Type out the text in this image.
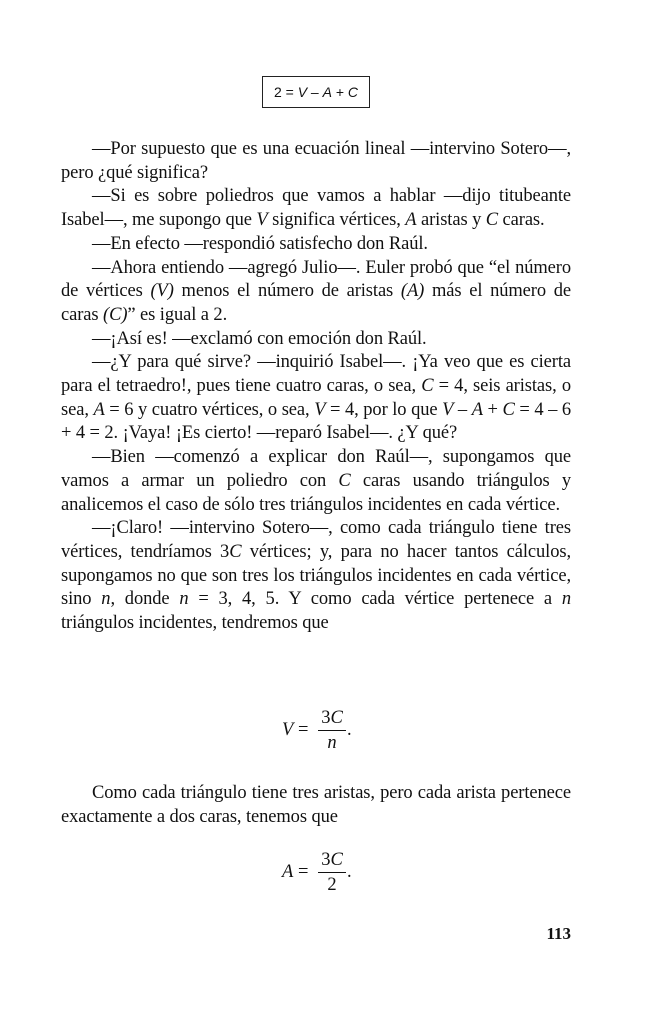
2 = V – A + C

—Por supuesto que es una ecuación lineal —intervino Sotero—, pero ¿qué significa?

—Si es sobre poliedros que vamos a hablar —dijo titubeante Isabel—, me supongo que V significa vértices, A aristas y C caras.

—En efecto —respondió satisfecho don Raúl.

—Ahora entiendo —agregó Julio—. Euler probó que “el número de vértices (V) menos el número de aristas (A) más el número de caras (C)” es igual a 2.

—¡Así es! —exclamó con emoción don Raúl.

—¿Y para qué sirve? —inquirió Isabel—. ¡Ya veo que es cierta para el tetraedro!, pues tiene cuatro caras, o sea, C = 4, seis aristas, o sea, A = 6 y cuatro vértices, o sea, V = 4, por lo que V – A + C = 4 – 6 + 4 = 2. ¡Vaya! ¡Es cierto! —reparó Isabel—. ¿Y qué?

—Bien —comenzó a explicar don Raúl—, supongamos que vamos a armar un poliedro con C caras usando triángulos y analicemos el caso de sólo tres triángulos incidentes en cada vértice.

—¡Claro! —intervino Sotero—, como cada triángulo tiene tres vértices, tendríamos 3C vértices; y, para no hacer tantos cálculos, supongamos no que son tres los triángulos incidentes en cada vértice, sino n, donde n = 3, 4, 5. Y como cada vértice pertenece a n triángulos incidentes, tendremos que

V =
3C
n
.

Como cada triángulo tiene tres aristas, pero cada arista pertenece exactamente a dos caras, tenemos que

A =
3C
2
.
113
